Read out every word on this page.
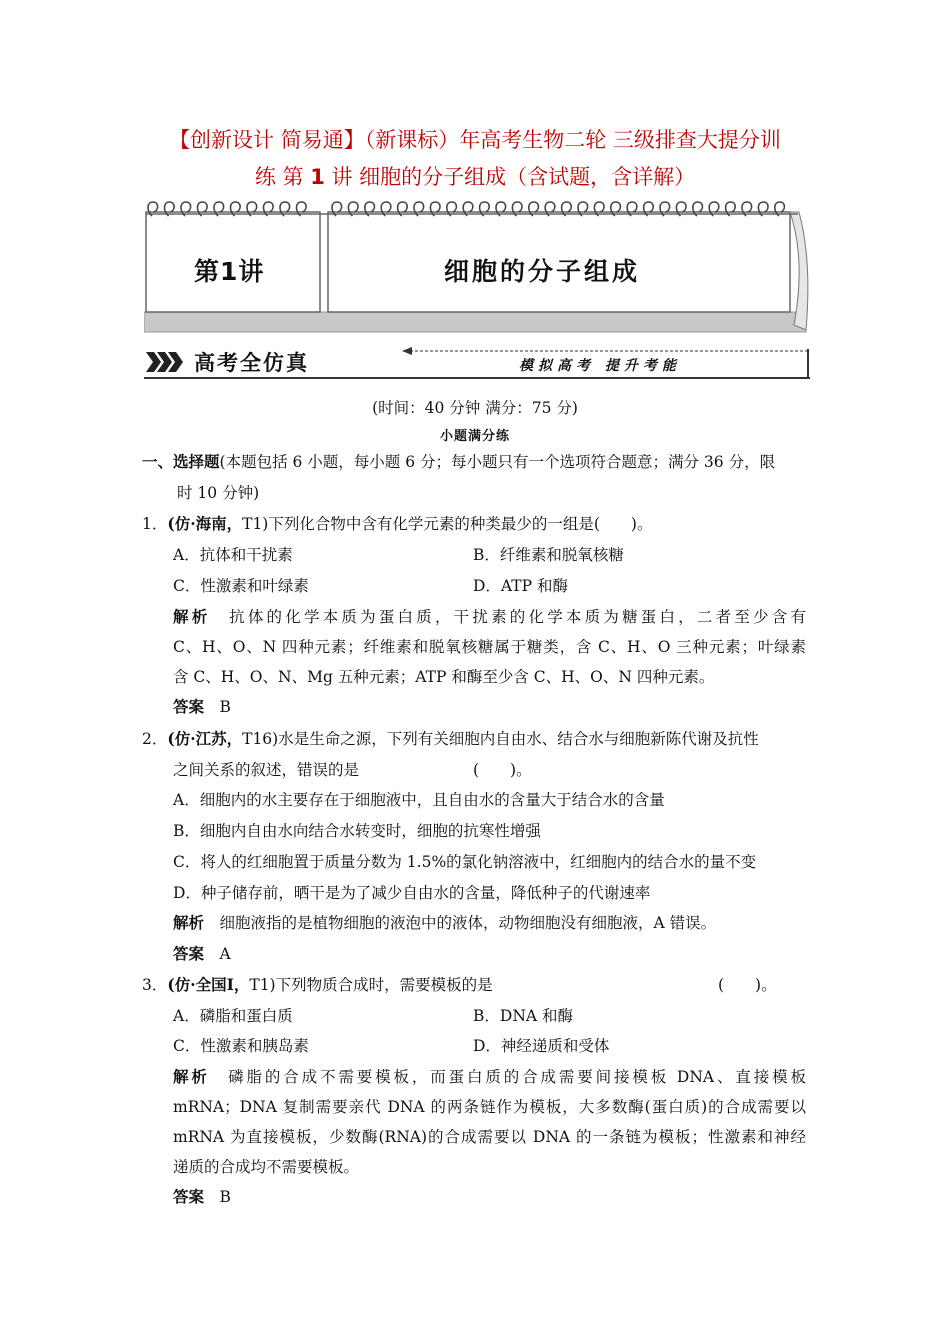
【创新设计 简易通】（新课标）年高考生物二轮 三级排查大提分训
练 第 1 讲 细胞的分子组成（含试题，含详解）
第1讲	细胞的分子组成
高考全仿真	模拟高考 提升考能
(时间：40 分钟 满分：75 分)
小题满分练
一、选择题(本题包括 6 小题，每小题 6 分；每小题只有一个选项符合题意；满分 36 分，限
时 10 分钟)
1．(仿·海南，T1)下列化合物中含有化学元素的种类最少的一组是(　　)。
A．抗体和干扰素	B．纤维素和脱氧核糖
C．性激素和叶绿素	D．ATP 和酶
解析　 抗体的化学本质为蛋白质，干扰素的化学本质为糖蛋白，二者至少含有
C、H、O、N 四种元素；纤维素和脱氧核糖属于糖类，含 C、H、O 三种元素；叶绿素
含 C、H、O、N、Mg 五种元素；ATP 和酶至少含 C、H、O、N 四种元素。
答案　 B
2．(仿·江苏，T16)水是生命之源，下列有关细胞内自由水、结合水与细胞新陈代谢及抗性
之间关系的叙述，错误的是	(　　)。
A．细胞内的水主要存在于细胞液中，且自由水的含量大于结合水的含量
B．细胞内自由水向结合水转变时，细胞的抗寒性增强
C．将人的红细胞置于质量分数为 1.5%的氯化钠溶液中，红细胞内的结合水的量不变
D．种子储存前，晒干是为了减少自由水的含量，降低种子的代谢速率
解析　 细胞液指的是植物细胞的液泡中的液体，动物细胞没有细胞液，A 错误。
答案　 A
3．(仿·全国Ⅰ，T1)下列物质合成时，需要模板的是	(　　)。
A．磷脂和蛋白质	B．DNA 和酶
C．性激素和胰岛素	D．神经递质和受体
解析　 磷脂的合成不需要模板，而蛋白质的合成需要间接模板 DNA、直接模板
mRNA；DNA 复制需要亲代 DNA 的两条链作为模板，大多数酶(蛋白质)的合成需要以
mRNA 为直接模板，少数酶(RNA)的合成需要以 DNA 的一条链为模板；性激素和神经
递质的合成均不需要模板。
答案　 B
